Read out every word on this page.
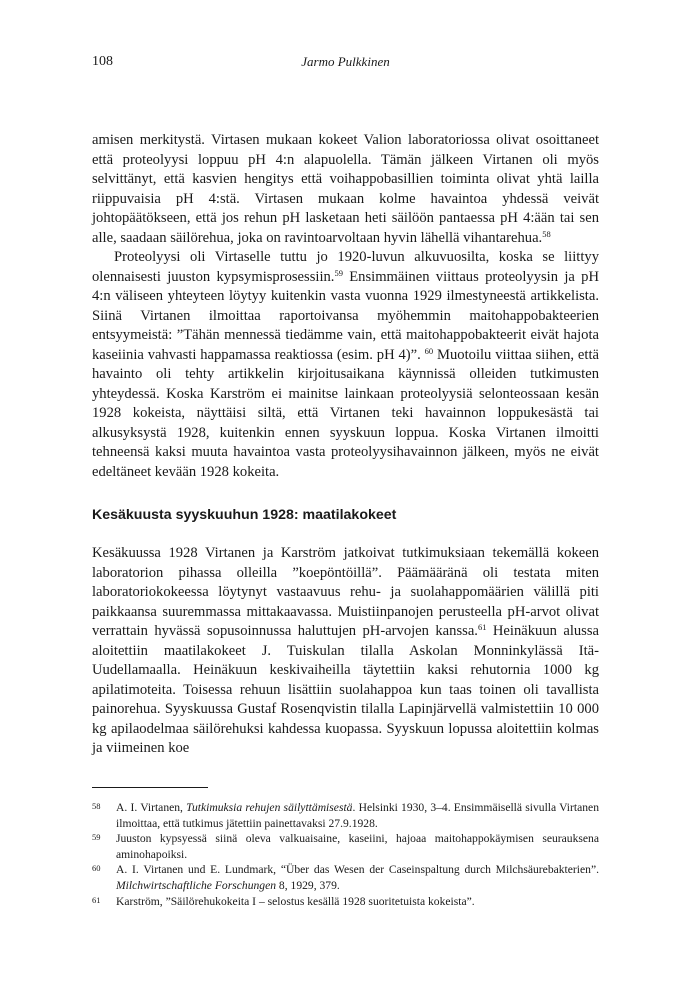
108	Jarmo Pulkkinen

amisen merkitystä. Virtasen mukaan kokeet Valion laboratoriossa olivat osoittaneet että proteolyysi loppuu pH 4:n alapuolella. Tämän jälkeen Virtanen oli myös selvittänyt, että kasvien hengitys että voihappobasillien toiminta olivat yhtä lailla riippuvaisia pH 4:stä. Virtasen mukaan kolme havaintoa yhdessä veivät johtopäätökseen, että jos rehun pH lasketaan heti säilöön pantaessa pH 4:ään tai sen alle, saadaan säilörehua, joka on ravintoarvoltaan hyvin lähellä vihantarehua.$^{58}$

Proteolyysi oli Virtaselle tuttu jo 1920-luvun alkuvuosilta, koska se liittyy olennaisesti juuston kypsymisprosessiin.$^{59}$ Ensimmäinen viittaus proteolyysin ja pH 4:n väliseen yhteyteen löytyy kuitenkin vasta vuonna 1929 ilmestyneestä artikkelista. Siinä Virtanen ilmoittaa raportoivansa myöhemmin maitohappobakteerien entsyymeistä: ”Tähän mennessä tiedämme vain, että maitohappobakteerit eivät hajota kaseiinia vahvasti happamassa reaktiossa (esim. pH 4)”. $^{60}$ Muotoilu viittaa siihen, että havainto oli tehty artikkelin kirjoitusaikana käynnissä olleiden tutkimusten yhteydessä. Koska Karström ei mainitse lainkaan proteolyysiä selonteossaan kesän 1928 kokeista, näyttäisi siltä, että Virtanen teki havainnon loppukesästä tai alkusyksystä 1928, kuitenkin ennen syyskuun loppua. Koska Virtanen ilmoitti tehneensä kaksi muuta havaintoa vasta proteolyysihavainnon jälkeen, myös ne eivät edeltäneet kevään 1928 kokeita.

Kesäkuusta syyskuuhun 1928: maatilakokeet

Kesäkuussa 1928 Virtanen ja Karström jatkoivat tutkimuksiaan tekemällä kokeen laboratorion pihassa olleilla ”koepöntöillä”. Päämääränä oli testata miten laboratoriokokeessa löytynyt vastaavuus rehu- ja suolahappomäärien välillä piti paikkaansa suuremmassa mittakaavassa. Muistiinpanojen perusteella pH-arvot olivat verrattain hyvässä sopusoinnussa haluttujen pH-arvojen kanssa.$^{61}$ Heinäkuun alussa aloitettiin maatilakokeet J. Tuiskulan tilalla Askolan Monninkylässä Itä-Uudellamaalla. Heinäkuun keskivaiheilla täytettiin kaksi rehutornia 1000 kg apilatimoteita. Toisessa rehuun lisättiin suolahappoa kun taas toinen oli tavallista painorehua. Syyskuussa Gustaf Rosenqvistin tilalla Lapinjärvellä valmistettiin 10 000 kg apilaodelmaa säilörehuksi kahdessa kuopassa. Syyskuun lopussa aloitettiin kolmas ja viimeinen koe

58	A. I. Virtanen, Tutkimuksia rehujen säilyttämisestä. Helsinki 1930, 3–4. Ensimmäisellä sivulla Virtanen ilmoittaa, että tutkimus jätettiin painettavaksi 27.9.1928.
59	Juuston kypsyessä siinä oleva valkuaisaine, kaseiini, hajoaa maitohappokäymisen seurauksena aminohapoiksi.
60	A. I. Virtanen und E. Lundmark, “Über das Wesen der Caseinspaltung durch Milchsäurebakterien”. Milchwirtschaftliche Forschungen 8, 1929, 379.
61	Karström, ”Säilörehukokeita I – selostus kesällä 1928 suoritetuista kokeista”.
